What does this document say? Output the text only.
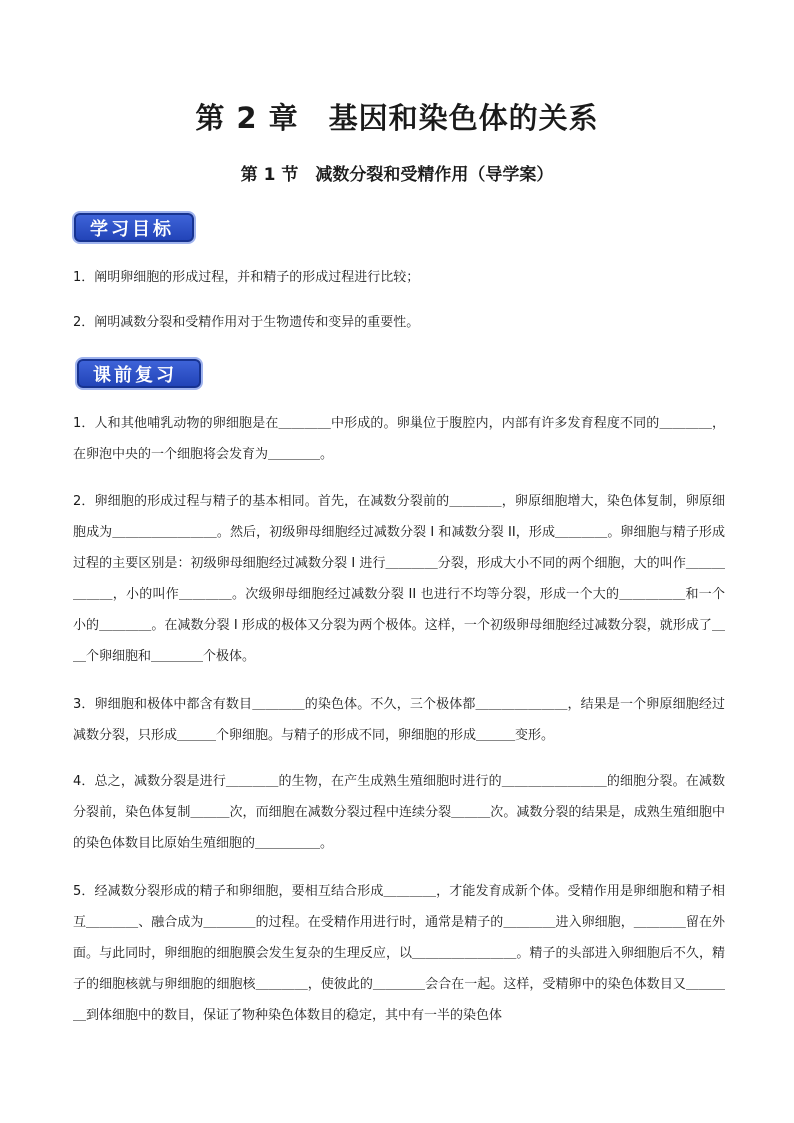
第 2 章　基因和染色体的关系
第 1 节　减数分裂和受精作用（导学案）
学习目标

1．阐明卵细胞的形成过程，并和精子的形成过程进行比较；

2．阐明减数分裂和受精作用对于生物遗传和变异的重要性。

课前复习

1．人和其他哺乳动物的卵细胞是在＿＿＿＿中形成的。卵巢位于腹腔内，内部有许多发育程度不同的＿＿＿＿，在卵泡中央的一个细胞将会发育为＿＿＿＿。

2．卵细胞的形成过程与精子的基本相同。首先，在减数分裂前的＿＿＿＿，卵原细胞增大，染色体复制，卵原细胞成为＿＿＿＿＿＿＿＿。然后，初级卵母细胞经过减数分裂 I 和减数分裂 II，形成＿＿＿＿。卵细胞与精子形成过程的主要区别是：初级卵母细胞经过减数分裂 I 进行＿＿＿＿分裂，形成大小不同的两个细胞，大的叫作＿＿＿＿＿＿，小的叫作＿＿＿＿。次级卵母细胞经过减数分裂 II 也进行不均等分裂，形成一个大的＿＿＿＿＿和一个小的＿＿＿＿。在减数分裂 I 形成的极体又分裂为两个极体。这样，一个初级卵母细胞经过减数分裂，就形成了＿＿个卵细胞和＿＿＿＿个极体。

3．卵细胞和极体中都含有数目＿＿＿＿的染色体。不久，三个极体都＿＿＿＿＿＿＿，结果是一个卵原细胞经过减数分裂，只形成＿＿＿个卵细胞。与精子的形成不同，卵细胞的形成＿＿＿变形。

4．总之，减数分裂是进行＿＿＿＿的生物，在产生成熟生殖细胞时进行的＿＿＿＿＿＿＿＿的细胞分裂。在减数分裂前，染色体复制＿＿＿次，而细胞在减数分裂过程中连续分裂＿＿＿次。减数分裂的结果是，成熟生殖细胞中的染色体数目比原始生殖细胞的＿＿＿＿＿。

5．经减数分裂形成的精子和卵细胞，要相互结合形成＿＿＿＿，才能发育成新个体。受精作用是卵细胞和精子相互＿＿＿＿、融合成为＿＿＿＿的过程。在受精作用进行时，通常是精子的＿＿＿＿进入卵细胞，＿＿＿＿留在外面。与此同时，卵细胞的细胞膜会发生复杂的生理反应，以＿＿＿＿＿＿＿＿。精子的头部进入卵细胞后不久，精子的细胞核就与卵细胞的细胞核＿＿＿＿，使彼此的＿＿＿＿会合在一起。这样，受精卵中的染色体数目又＿＿＿＿到体细胞中的数目，保证了物种染色体数目的稳定，其中有一半的染色体
